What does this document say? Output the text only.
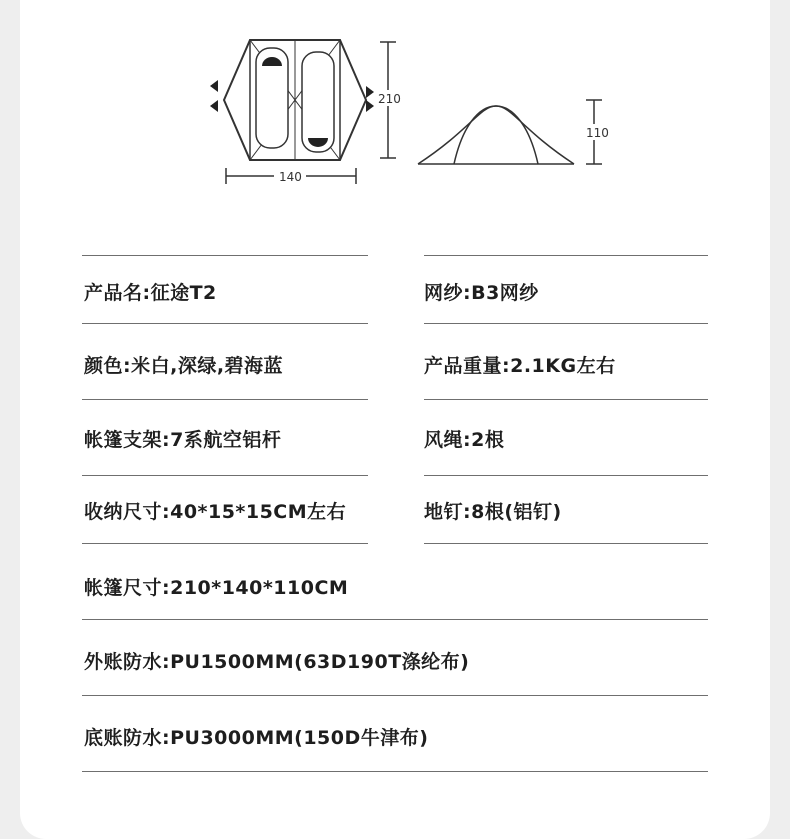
210
140
110
产品名:征途T2	网纱:B3网纱
颜色:米白,深绿,碧海蓝	产品重量:2.1KG左右
帐篷支架:7系航空铝杆	风绳:2根
收纳尺寸:40*15*15CM左右	地钉:8根(铝钉)
帐篷尺寸:210*140*110CM
外账防水:PU1500MM(63D190T涤纶布)
底账防水:PU3000MM(150D牛津布)
